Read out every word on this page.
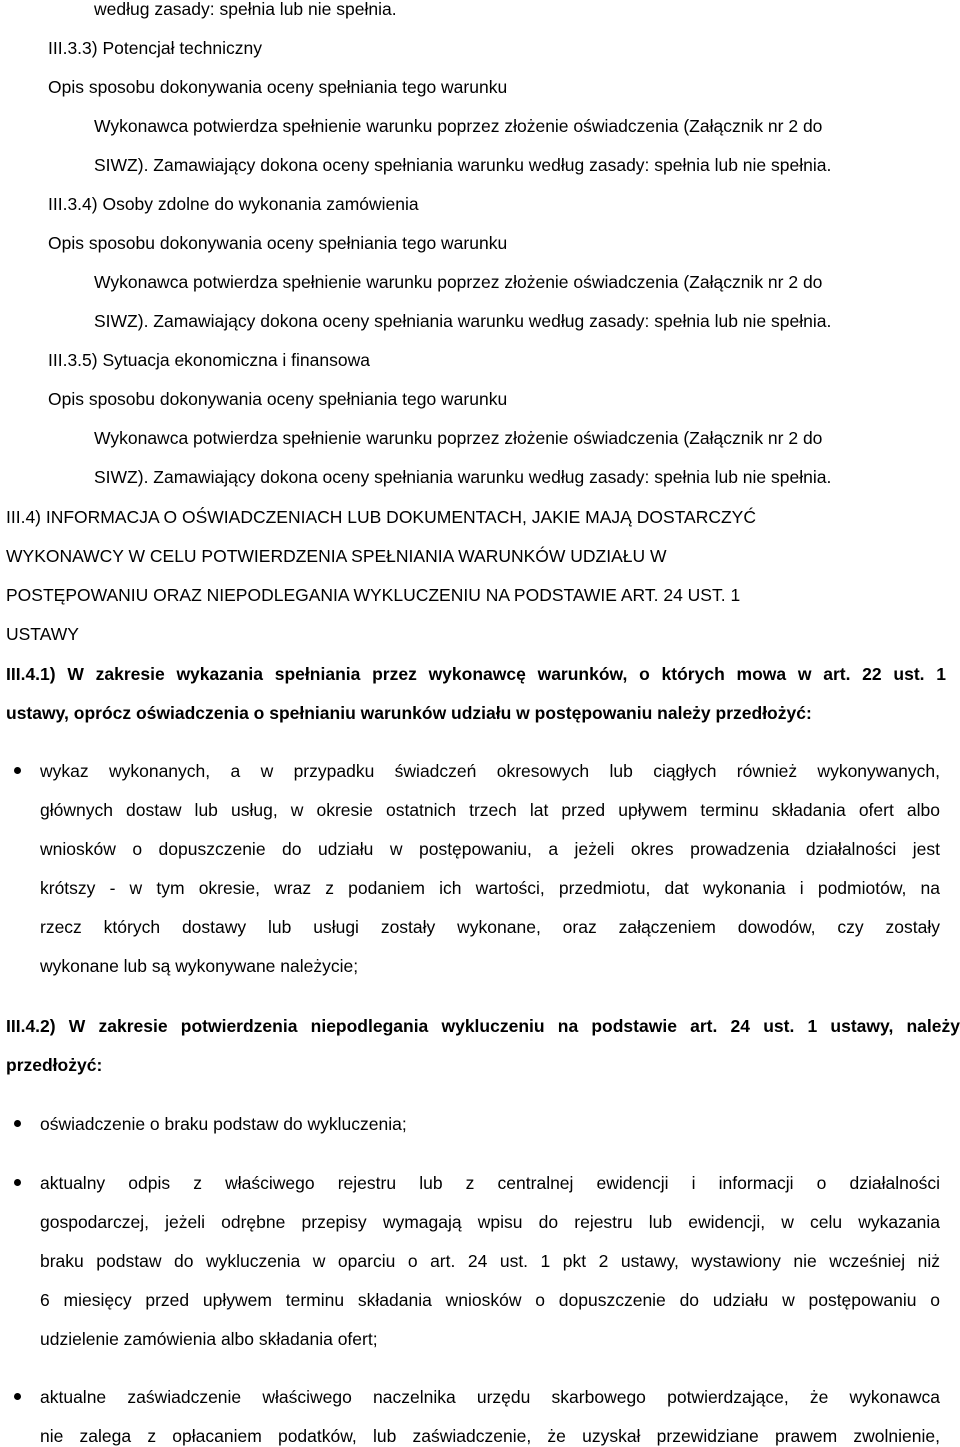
według zasady: spełnia lub nie spełnia.
III.3.3) Potencjał techniczny
Opis sposobu dokonywania oceny spełniania tego warunku
Wykonawca potwierdza spełnienie warunku poprzez złożenie oświadczenia (Załącznik nr 2 do
SIWZ). Zamawiający dokona oceny spełniania warunku według zasady: spełnia lub nie spełnia.
III.3.4) Osoby zdolne do wykonania zamówienia
Opis sposobu dokonywania oceny spełniania tego warunku
Wykonawca potwierdza spełnienie warunku poprzez złożenie oświadczenia (Załącznik nr 2 do
SIWZ). Zamawiający dokona oceny spełniania warunku według zasady: spełnia lub nie spełnia.
III.3.5) Sytuacja ekonomiczna i finansowa
Opis sposobu dokonywania oceny spełniania tego warunku
Wykonawca potwierdza spełnienie warunku poprzez złożenie oświadczenia (Załącznik nr 2 do
SIWZ). Zamawiający dokona oceny spełniania warunku według zasady: spełnia lub nie spełnia.
III.4) INFORMACJA O OŚWIADCZENIACH LUB DOKUMENTACH, JAKIE MAJĄ DOSTARCZYĆ
WYKONAWCY W CELU POTWIERDZENIA SPEŁNIANIA WARUNKÓW UDZIAŁU W
POSTĘPOWANIU ORAZ NIEPODLEGANIA WYKLUCZENIU NA PODSTAWIE ART. 24 UST. 1
USTAWY
III.4.1) W zakresie wykazania spełniania przez wykonawcę warunków, o których mowa w art. 22 ust. 1
ustawy, oprócz oświadczenia o spełnianiu warunków udziału w postępowaniu należy przedłożyć:
wykaz wykonanych, a w przypadku świadczeń okresowych lub ciągłych również wykonywanych,
głównych dostaw lub usług, w okresie ostatnich trzech lat przed upływem terminu składania ofert albo
wniosków o dopuszczenie do udziału w postępowaniu, a jeżeli okres prowadzenia działalności jest
krótszy - w tym okresie, wraz z podaniem ich wartości, przedmiotu, dat wykonania i podmiotów, na
rzecz których dostawy lub usługi zostały wykonane, oraz załączeniem dowodów, czy zostały
wykonane lub są wykonywane należycie;
III.4.2) W zakresie potwierdzenia niepodlegania wykluczeniu na podstawie art. 24 ust. 1 ustawy, należy
przedłożyć:
oświadczenie o braku podstaw do wykluczenia;
aktualny odpis z właściwego rejestru lub z centralnej ewidencji i informacji o działalności
gospodarczej, jeżeli odrębne przepisy wymagają wpisu do rejestru lub ewidencji, w celu wykazania
braku podstaw do wykluczenia w oparciu o art. 24 ust. 1 pkt 2 ustawy, wystawiony nie wcześniej niż
6 miesięcy przed upływem terminu składania wniosków o dopuszczenie do udziału w postępowaniu o
udzielenie zamówienia albo składania ofert;
aktualne zaświadczenie właściwego naczelnika urzędu skarbowego potwierdzające, że wykonawca
nie zalega z opłacaniem podatków, lub zaświadczenie, że uzyskał przewidziane prawem zwolnienie,
